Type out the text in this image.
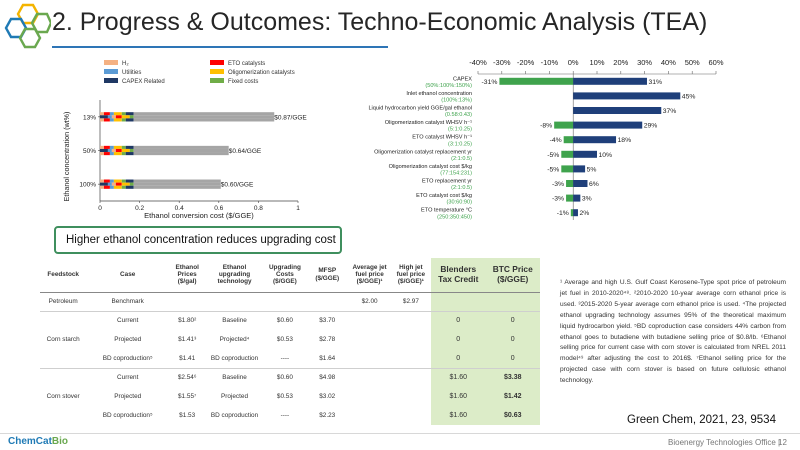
2. Progress & Outcomes: Techno-Economic Analysis (TEA)
H₂
Utilities
CAPEX Related
ETO catalysts
Oligomerization catalysts
Fixed costs
0	0.2	0.4	0.6	0.8	1
Ethanol conversion cost ($/GGE)
Ethanol concentration (wt%) 13%	$0.87/GGE
50%	$0.64/GGE
100%	$0.60/GGE
-40% -30% -20% -10% 0% 10% 20% 30% 40% 50% 60%
CAPEX
(50%:100%:150%)
-31%	31%
Inlet ethanol concentration
(100%:13%)
45%
Liquid hydrocarbon yield GGE/gal ethanol
(0.58:0.43)
37%
Oligomerization catalyst WHSV h⁻¹
(5:1:0.25)
-8%	29%
ETO catalyst WHSV h⁻¹
(3:1:0.25)
-4%	18%
Oligomerization catalyst replacement yr
(2:1:0.5)
-5%	10%
Oligomerization catalyst cost $/kg
(77:154:231)
-5%	5%
ETO replacement yr
(2:1:0.5)
-3%	6%
ETO catalyst cost $/kg
(30:60:90)
-3%	3%
ETO temperature °C
(250:350:450)
-1% 2%
Higher ethanol concentration reduces upgrading cost
Feedstock	Case	Ethanol Prices ($/gal)	Ethanol upgrading technology	Upgrading Costs ($/GGE)	MFSP ($/GGE)	Average jet fuel price ($/GGE)¹	High jet fuel price ($/GGE)¹	Blenders Tax Credit	BTC Price ($/GGE)
Petroleum	Benchmark					$2.00	$2.97		
	Current	$1.80²	Baseline	$0.60	$3.70			0	0
Corn starch	Projected	$1.41³	Projected⁴	$0.53	$2.78			0	0
	BD coproduction⁵	$1.41	BD coproduction	----	$1.64			0	0
	Current	$2.54⁶	Baseline	$0.60	$4.98			$1.60	$3.38
Corn stover	Projected	$1.55⁷	Projected	$0.53	$3.02			$1.60	$1.42
	BD coproduction⁵	$1.53	BD coproduction	----	$2.23			$1.60	$0.63
¹ Average and high U.S. Gulf Coast Kerosene-Type spot price of petroleum jet fuel in 2010-2020⁴⁸. ²2010-2020 10-year average corn ethanol price is used. ³2015-2020 5-year average corn ethanol price is used. ⁴The projected ethanol upgrading technology assumes 95% of the theoretical maximum liquid hydrocarbon yield. ⁵BD coproduction case considers 44% carbon from ethanol goes to butadiene with butadiene selling price of $0.8/lb. ⁶Ethanol selling price for current case with corn stover is calculated from NREL 2011 model⁴⁹ after adjusting the cost to 2016$. ⁷Ethanol selling price for the projected case with corn stover is based on future cellulosic ethanol technology.
Green Chem, 2021, 23, 9534
ChemCatBio	Bioenergy Technologies Office |
12
